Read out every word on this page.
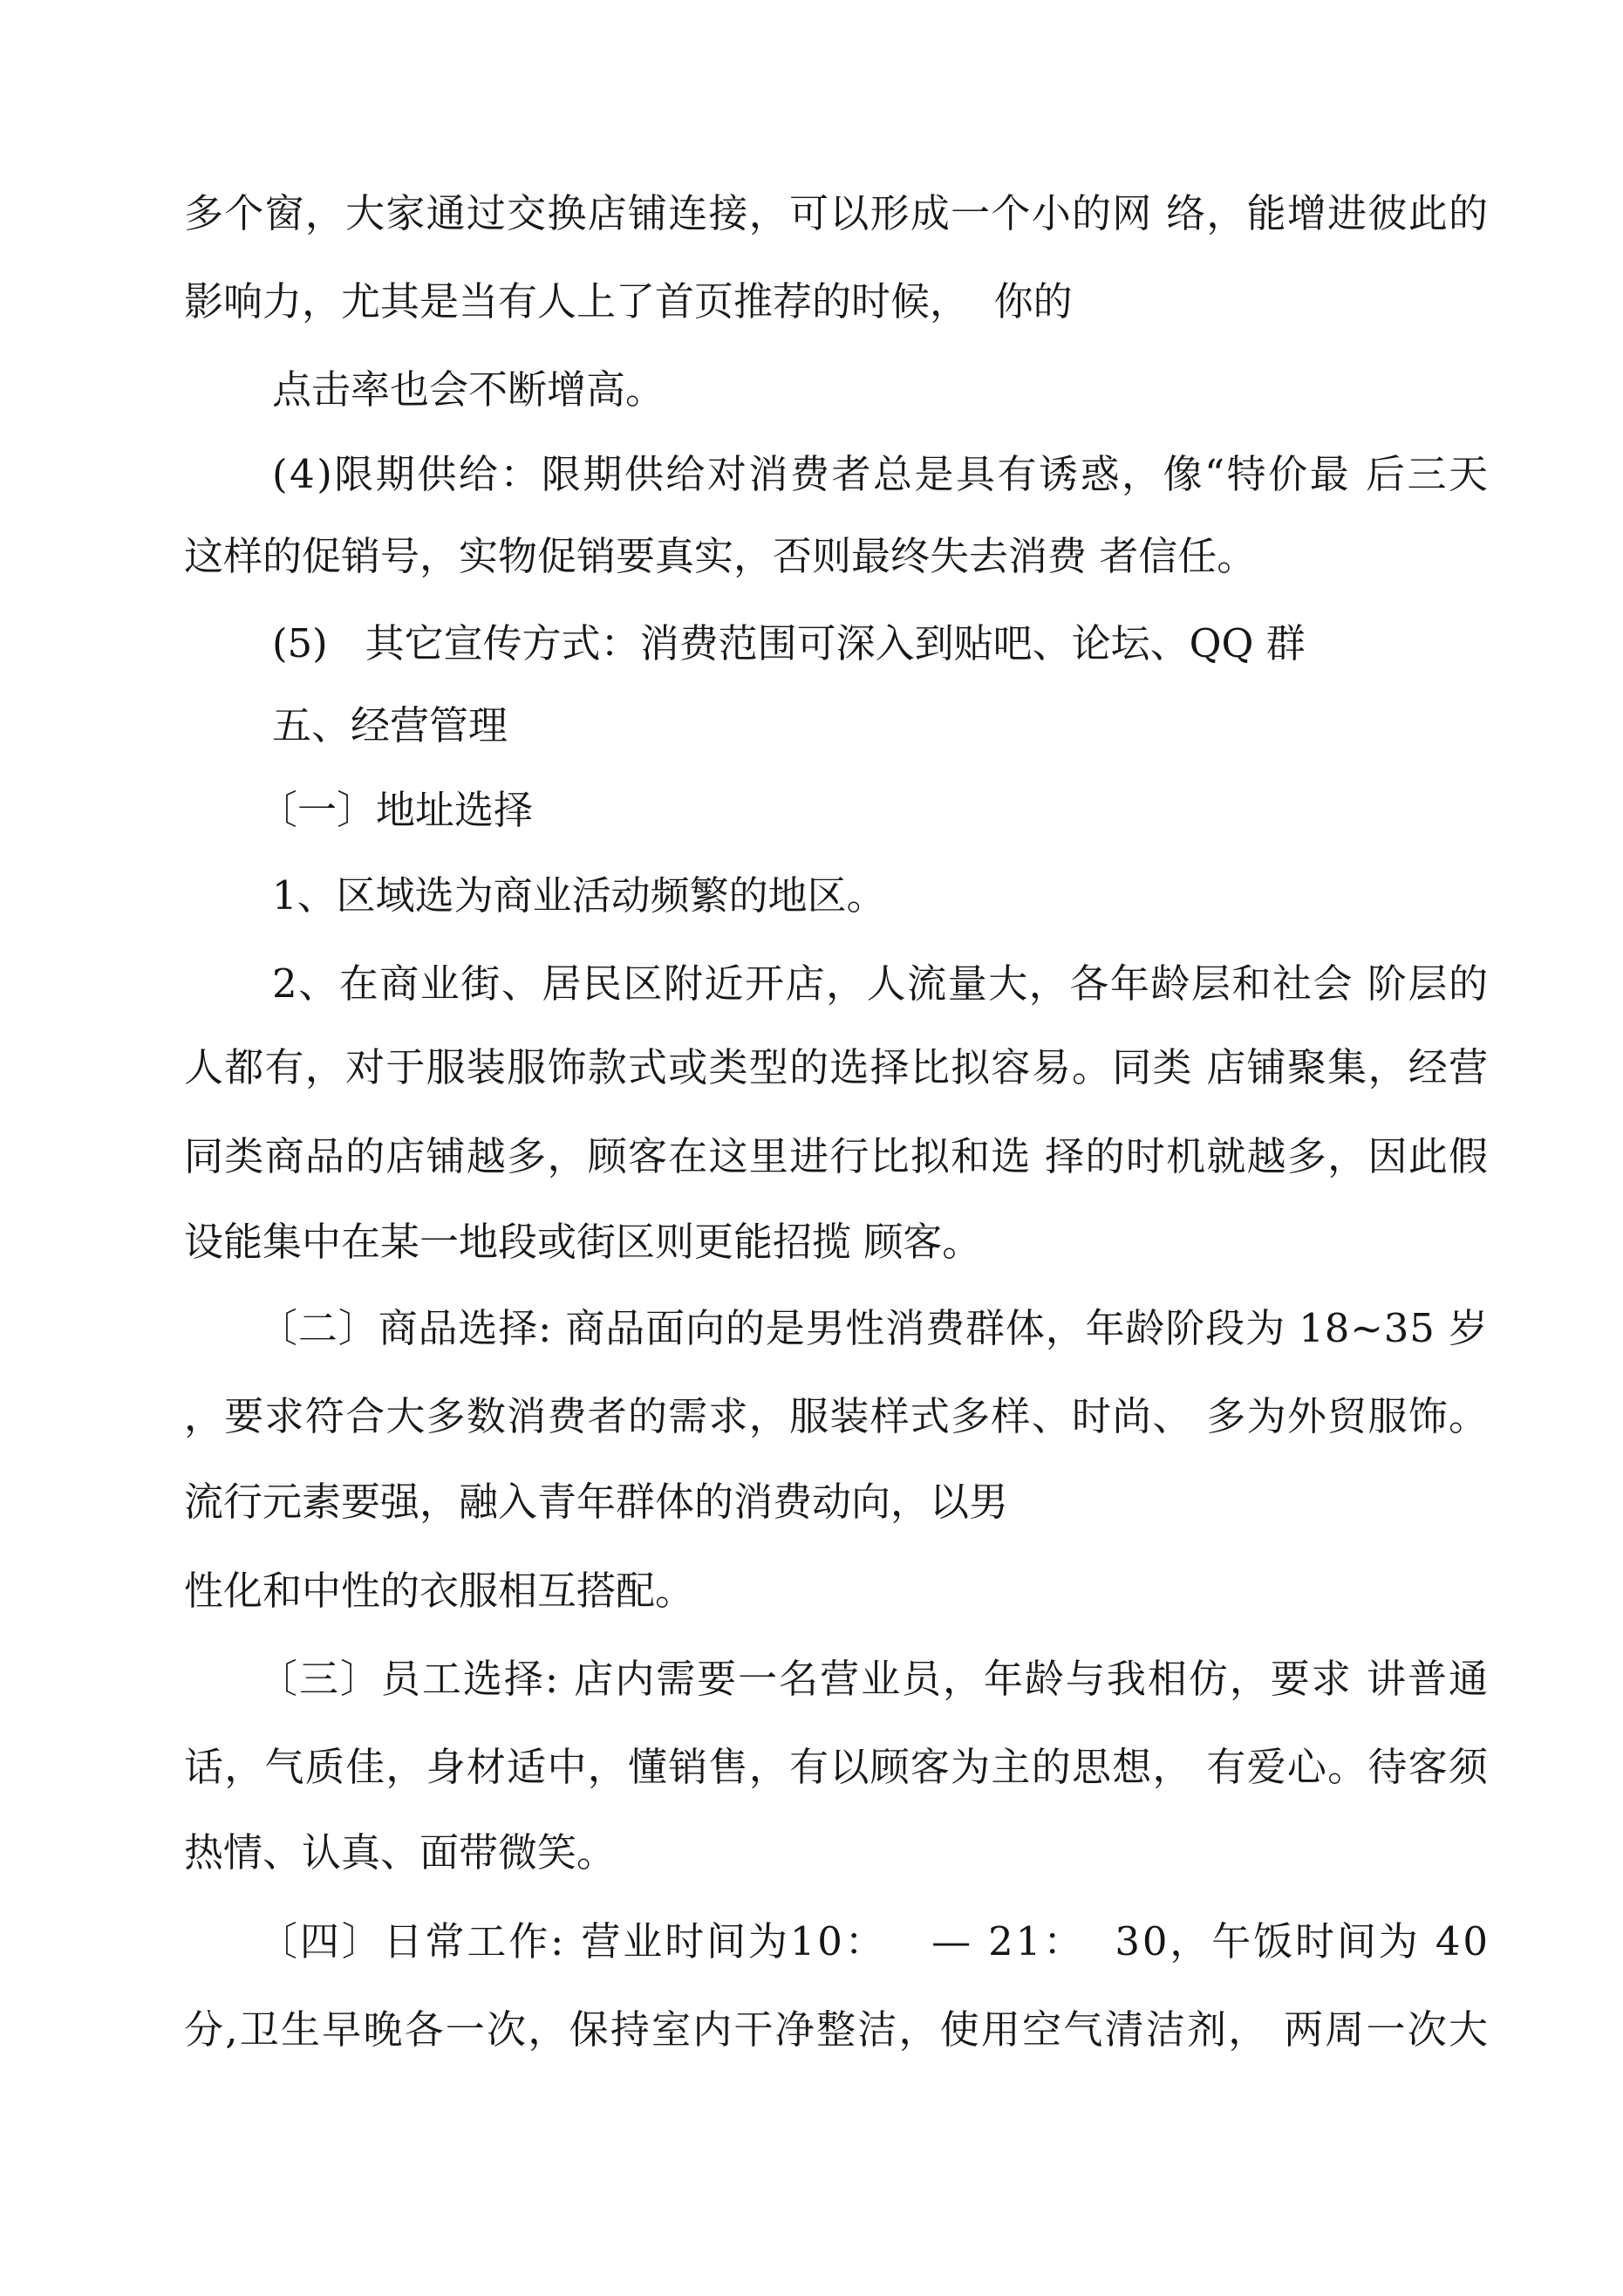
多个窗，大家通过交换店铺连接，可以形成一个小的网 络，能增进彼此的
影响力，尤其是当有人上了首页推荐的时候，  你的
点击率也会不断增高。
(4)限期供给：限期供给对消费者总是具有诱惑，像“特价最 后三天
这样的促销号，实物促销要真实，否则最终失去消费 者信任。
(5)   其它宣传方式：消费范围可深入到贴吧、论坛、QQ 群
五、经营管理
〔一〕地址选择
1、区域选为商业活动频繁的地区。
2、在商业街、居民区附近开店，人流量大，各年龄层和社会 阶层的
人都有，对于服装服饰款式或类型的选择比拟容易。同类 店铺聚集，经营
同类商品的店铺越多，顾客在这里进行比拟和选 择的时机就越多，因此假
设能集中在某一地段或街区则更能招揽 顾客。
〔二〕商品选择: 商品面向的是男性消费群体，年龄阶段为 18~35 岁
，要求符合大多数消费者的需求，服装样式多样、时尚、 多为外贸服饰。
流行元素要强，融入青年群体的消费动向，以男
性化和中性的衣服相互搭配。
〔三〕员工选择: 店内需要一名营业员，年龄与我相仿，要求 讲普通
话，气质佳，身材适中，懂销售，有以顾客为主的思想， 有爱心。待客须
热情、认真、面带微笑。
〔四〕日常工作: 营业时间为10：   — 21：  30，午饭时间为 40
分,卫生早晚各一次，保持室内干净整洁，使用空气清洁剂， 两周一次大
